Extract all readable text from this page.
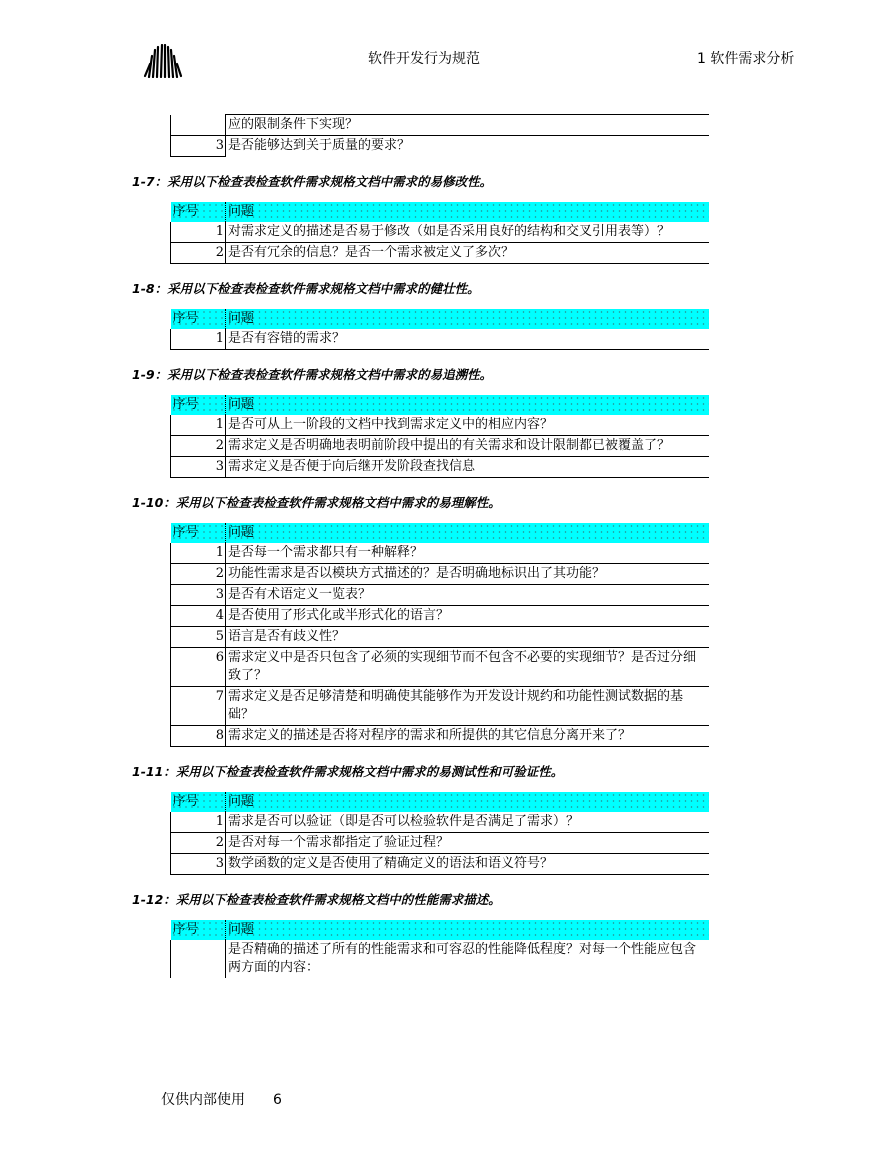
软件开发行为规范	1 软件需求分析
	应的限制条件下实现？
3	是否能够达到关于质量的要求？
1-7：采用以下检查表检查软件需求规格文档中需求的易修改性。
序号	问题
1	对需求定义的描述是否易于修改（如是否采用良好的结构和交叉引用表等）？
2	是否有冗余的信息？是否一个需求被定义了多次？
1-8：采用以下检查表检查软件需求规格文档中需求的健壮性。
序号	问题
1	是否有容错的需求？
1-9：采用以下检查表检查软件需求规格文档中需求的易追溯性。
序号	问题
1	是否可从上一阶段的文档中找到需求定义中的相应内容？
2	需求定义是否明确地表明前阶段中提出的有关需求和设计限制都已被覆盖了？
3	需求定义是否便于向后继开发阶段查找信息
1-10：采用以下检查表检查软件需求规格文档中需求的易理解性。
序号	问题
1	是否每一个需求都只有一种解释？
2	功能性需求是否以模块方式描述的？是否明确地标识出了其功能？
3	是否有术语定义一览表？
4	是否使用了形式化或半形式化的语言？
5	语言是否有歧义性？
6	需求定义中是否只包含了必须的实现细节而不包含不必要的实现细节？是否过分细致了？
7	需求定义是否足够清楚和明确使其能够作为开发设计规约和功能性测试数据的基础？
8	需求定义的描述是否将对程序的需求和所提供的其它信息分离开来了？
1-11：采用以下检查表检查软件需求规格文档中需求的易测试性和可验证性。
序号	问题
1	需求是否可以验证（即是否可以检验软件是否满足了需求）？
2	是否对每一个需求都指定了验证过程？
3	数学函数的定义是否使用了精确定义的语法和语义符号？
1-12：采用以下检查表检查软件需求规格文档中的性能需求描述。
序号	问题
	是否精确的描述了所有的性能需求和可容忍的性能降低程度？对每一个性能应包含两方面的内容：
仅供内部使用 6
